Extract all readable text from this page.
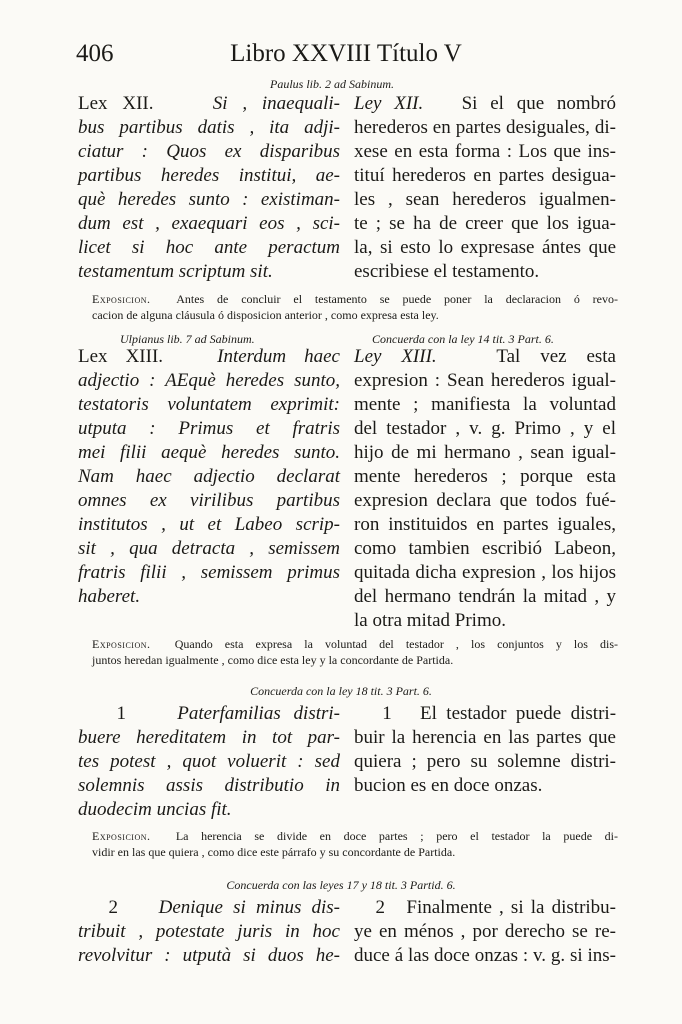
406	Libro XXVIII Título V
Paulus lib. 2 ad Sabinum.
Lex XII.	Si , inaequali-
bus partibus datis , ita adji-
ciatur : Quos ex disparibus
partibus heredes institui, ae-
què heredes sunto : existiman-
dum est , exaequari eos , sci-
licet si hoc ante peractum
testamentum scriptum sit.
Ley XII. Si el que nombró
herederos en partes desiguales, di-
xese en esta forma : Los que ins-
tituí herederos en partes desigua-
les , sean herederos igualmen-
te ; se ha de creer que los igua-
la, si esto lo expresase ántes que
escribiese el testamento.
Exposicion. Antes de concluir el testamento se puede poner la declaracion ó revo-
cacion de alguna cláusula ó disposicion anterior , como expresa esta ley.
Ulpianus lib. 7 ad Sabinum.	Concuerda con la ley 14 tit. 3 Part. 6.
Lex XIII.	Interdum haec
adjectio : AEquè heredes sunto,
testatoris voluntatem exprimit:
utputa : Primus et fratris
mei filii aequè heredes sunto.
Nam haec adjectio declarat
omnes ex virilibus partibus
institutos , ut et Labeo scrip-
sit , qua detracta , semissem
fratris filii , semissem primus
haberet.
Ley XIII.	Tal vez esta
expresion : Sean herederos igual-
mente ; manifiesta la voluntad
del testador , v. g. Primo , y el
hijo de mi hermano , sean igual-
mente herederos ; porque esta
expresion declara que todos fué-
ron instituidos en partes iguales,
como tambien escribió Labeon,
quitada dicha expresion , los hijos
del hermano tendrán la mitad , y
la otra mitad Primo.
Exposicion. Quando esta expresa la voluntad del testador , los conjuntos y los dis-
juntos heredan igualmente , como dice esta ley y la concordante de Partida.
Concuerda con la ley 18 tit. 3 Part. 6.
1	Paterfamilias distri-
buere hereditatem in tot par-
tes potest , quot voluerit : sed
solemnis assis distributio in
duodecim uncias fit.
1 El testador puede distri-
buir la herencia en las partes que
quiera ; pero su solemne distri-
bucion es en doce onzas.
Exposicion. La herencia se divide en doce partes ; pero el testador la puede di-
vidir en las que quiera , como dice este párrafo y su concordante de Partida.
Concuerda con las leyes 17 y 18 tit. 3 Partid. 6.
2 Denique si minus dis-
tribuit , potestate juris in hoc
revolvitur : utputà si duos he-
2 Finalmente , si la distribu-
ye en ménos , por derecho se re-
duce á las doce onzas : v. g. si ins-
